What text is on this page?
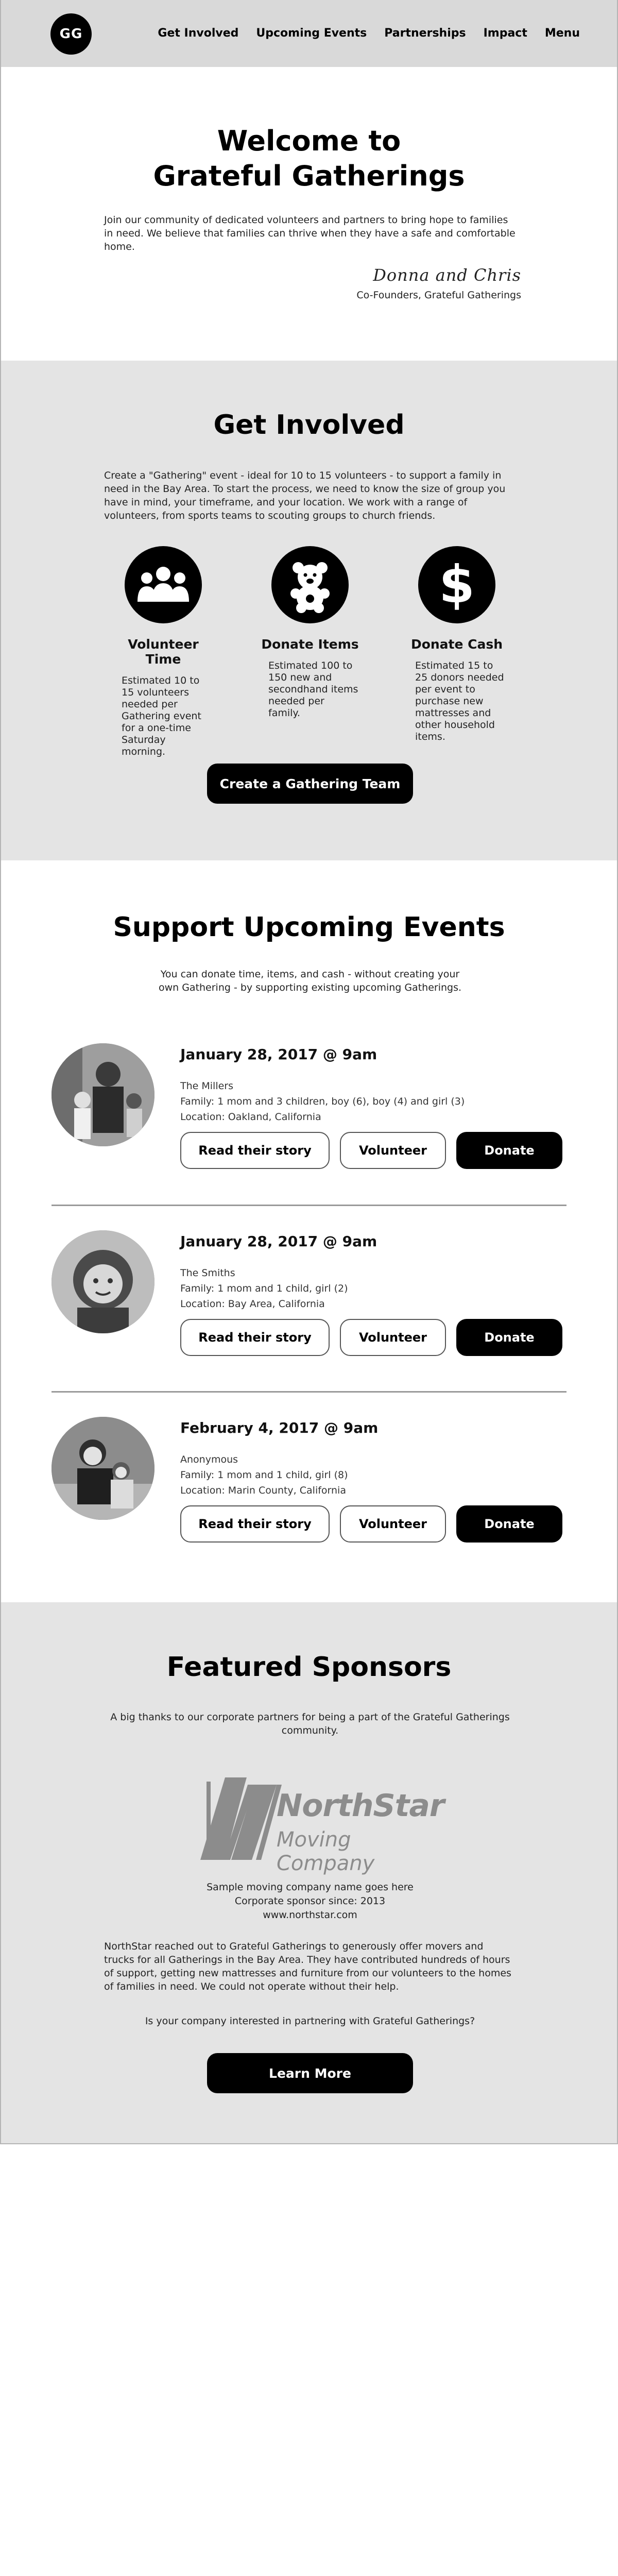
GG	Get Involved Upcoming Events Partnerships Impact Menu
Welcome to
Grateful Gatherings

Join our community of dedicated volunteers and partners to bring hope to families in need. We believe that families can thrive when they have a safe and comfortable home.

Donna and Chris
Co-Founders, Grateful Gatherings
Get Involved

Create a "Gathering" event - ideal for 10 to 15 volunteers - to support a family in need in the Bay Area. To start the process, we need to know the size of group you have in mind, your timeframe, and your location. We work with a range of volunteers, from sports teams to scouting groups to church friends.

Volunteer Time

Estimated 10 to 15 volunteers needed per Gathering event for a one-time Saturday morning.

Donate Items

Estimated 100 to 150 new and secondhand items needed per family.

$
Donate Cash

Estimated 15 to 25 donors needed per event to purchase new mattresses and other household items.

Create a Gathering Team
Support Upcoming Events

You can donate time, items, and cash - without creating your own Gathering - by supporting existing upcoming Gatherings.

January 28, 2017 @ 9am
The Millers
Family: 1 mom and 3 children, boy (6), boy (4) and girl (3)
Location: Oakland, California
Read their story	Volunteer	Donate
January 28, 2017 @ 9am
The Smiths
Family: 1 mom and 1 child, girl (2)
Location: Bay Area, California
Read their story	Volunteer	Donate
February 4, 2017 @ 9am
Anonymous
Family: 1 mom and 1 child, girl (8)
Location: Marin County, California
Read their story	Volunteer	Donate
Featured Sponsors

A big thanks to our corporate partners for being a part of the Grateful Gatherings community.

NorthStar
Moving Company
Sample moving company name goes here
Corporate sponsor since: 2013
www.northstar.com

NorthStar reached out to Grateful Gatherings to generously offer movers and trucks for all Gatherings in the Bay Area. They have contributed hundreds of hours of support, getting new mattresses and furniture from our volunteers to the homes of families in need. We could not operate without their help.

Is your company interested in partnering with Grateful Gatherings?

Learn More
